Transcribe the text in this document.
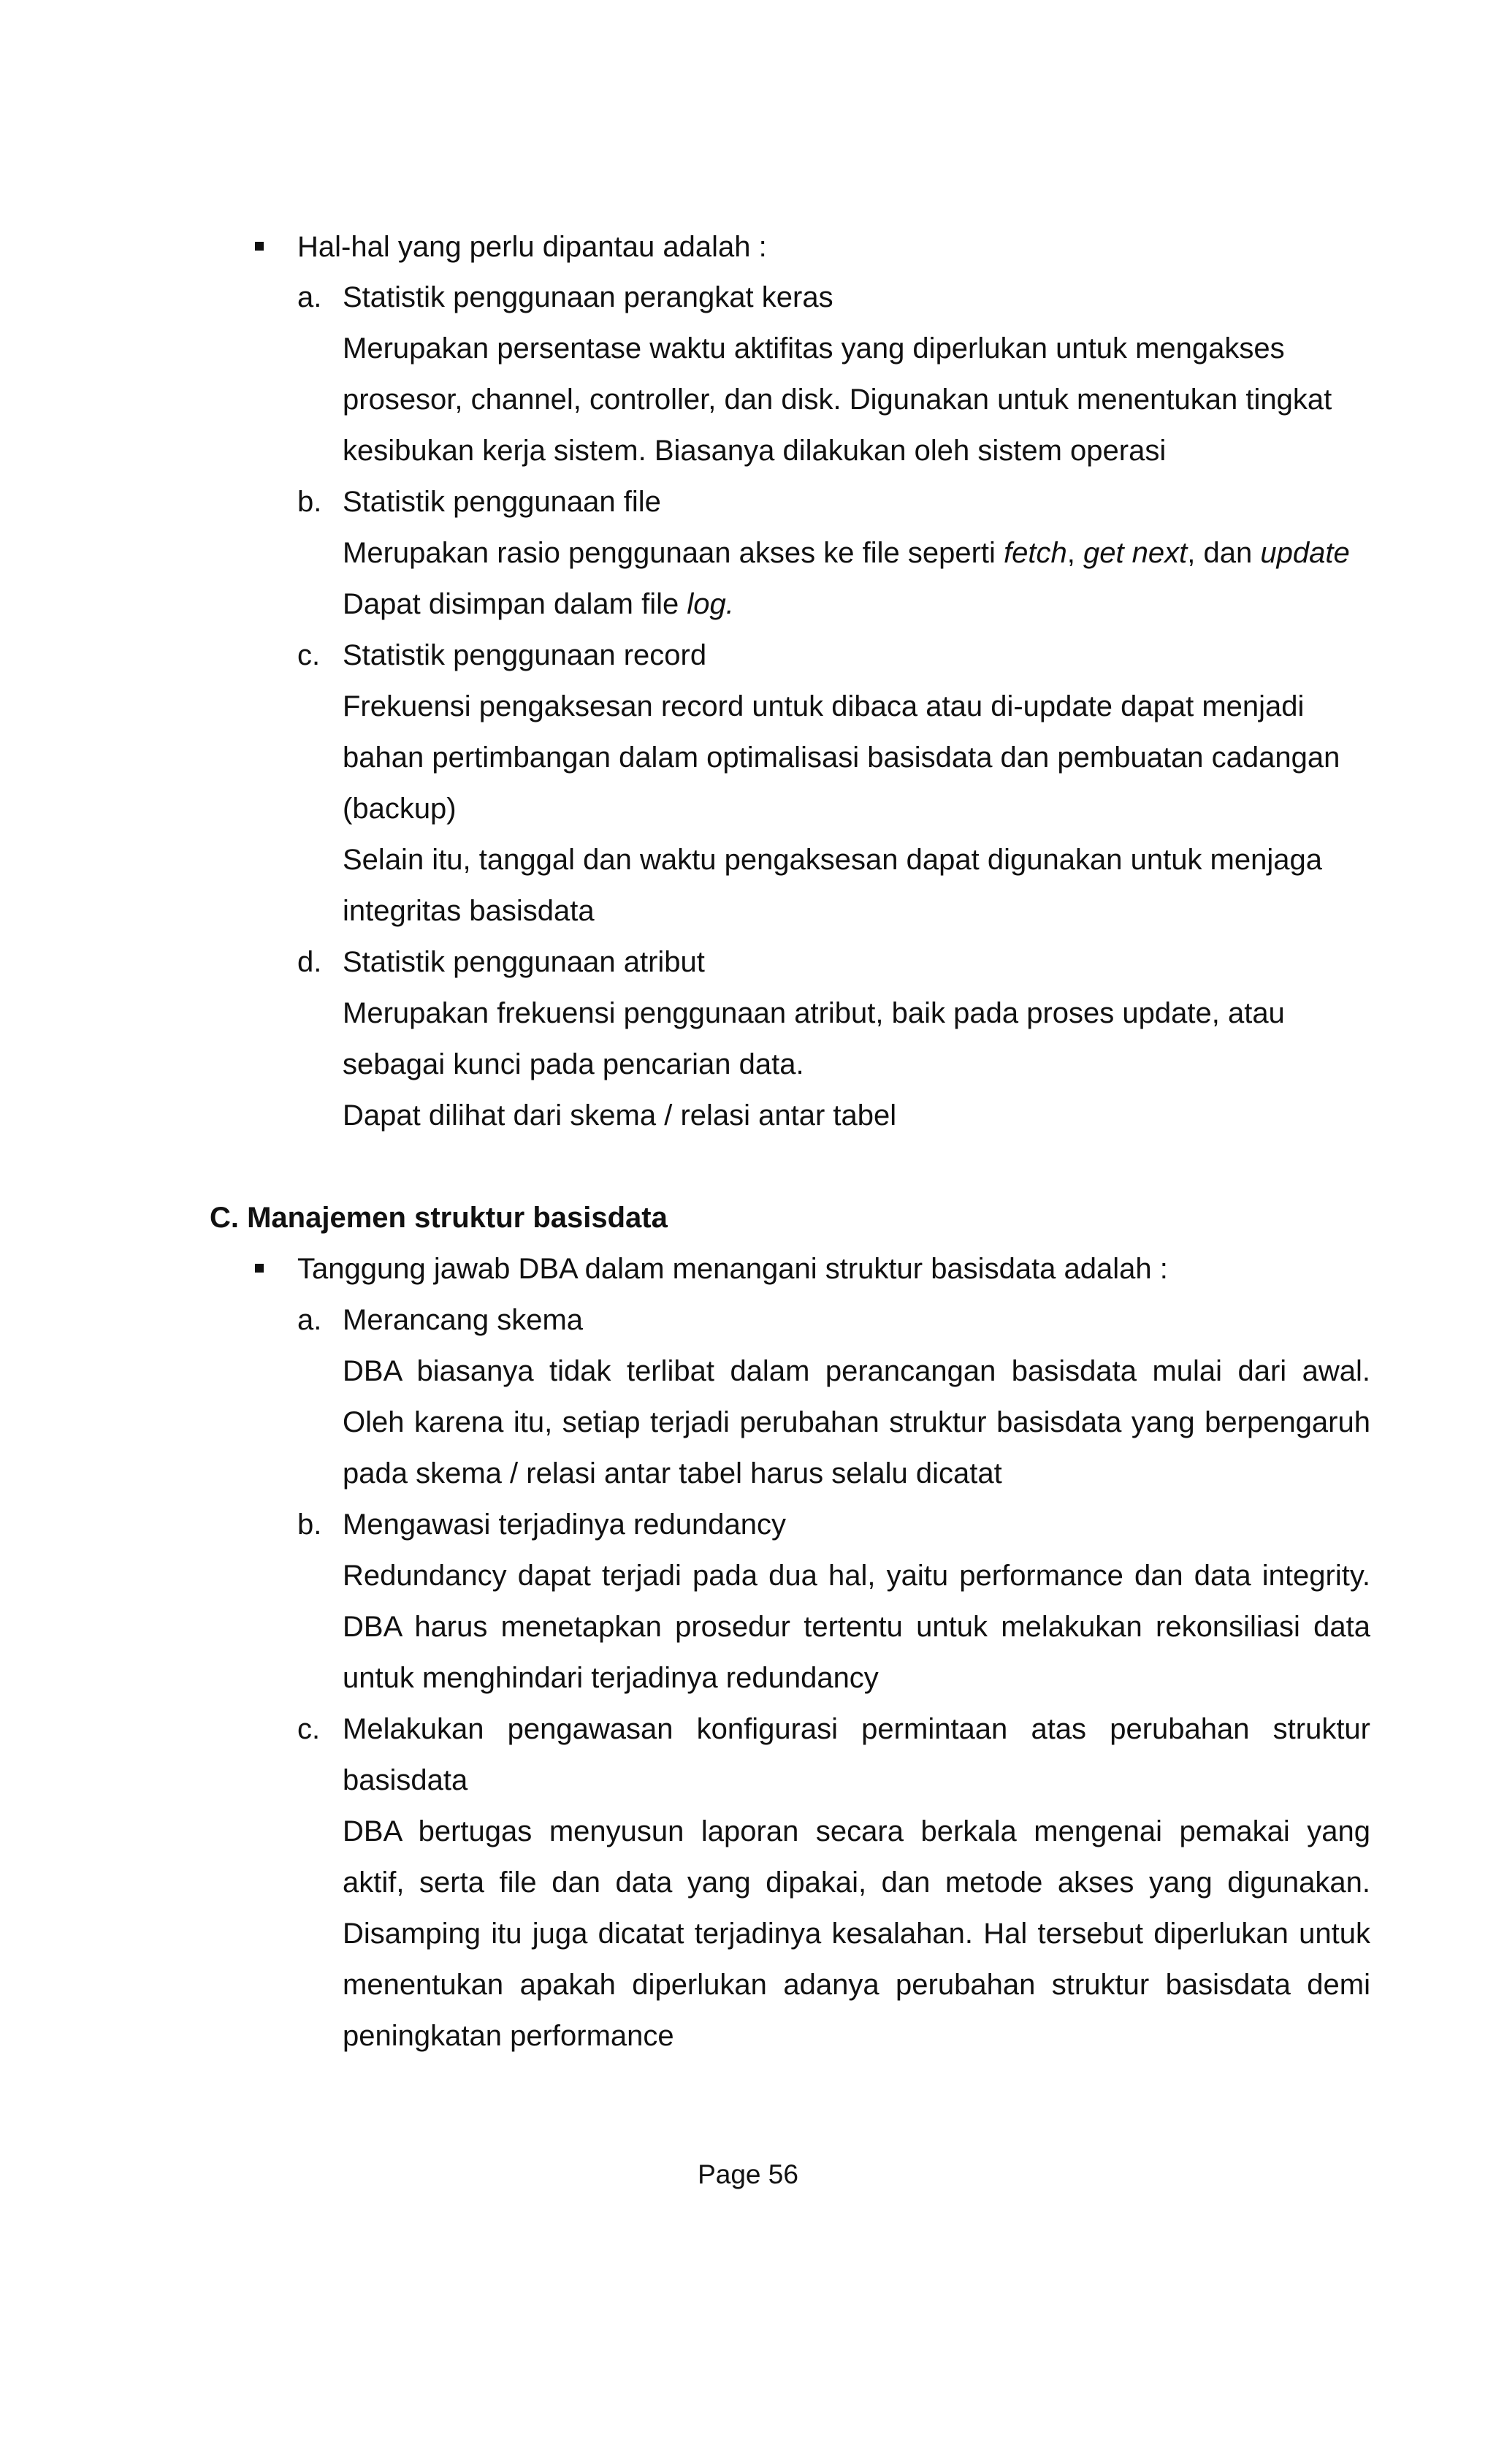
Hal-hal yang perlu dipantau adalah :
a. Statistik penggunaan perangkat keras
Merupakan persentase waktu aktifitas yang diperlukan untuk mengakses
prosesor, channel, controller, dan disk. Digunakan untuk menentukan tingkat
kesibukan kerja sistem. Biasanya dilakukan oleh sistem operasi
b. Statistik penggunaan file
Merupakan rasio penggunaan akses ke file seperti fetch, get next, dan update
Dapat disimpan dalam file log.
c. Statistik penggunaan record
Frekuensi pengaksesan record untuk dibaca atau di-update dapat menjadi
bahan pertimbangan dalam optimalisasi basisdata dan pembuatan cadangan
(backup)
Selain itu, tanggal dan waktu pengaksesan dapat digunakan untuk menjaga
integritas basisdata
d. Statistik penggunaan atribut
Merupakan frekuensi penggunaan atribut, baik pada proses update, atau
sebagai kunci pada pencarian data.
Dapat dilihat dari skema / relasi antar tabel
C. Manajemen struktur basisdata
Tanggung jawab DBA dalam menangani struktur basisdata adalah :
a. Merancang skema
DBA biasanya tidak terlibat dalam perancangan basisdata mulai dari awal.
Oleh karena itu, setiap terjadi perubahan struktur basisdata yang berpengaruh
pada skema / relasi antar tabel harus selalu dicatat
b. Mengawasi terjadinya redundancy
Redundancy dapat terjadi pada dua hal, yaitu performance dan data integrity.
DBA harus menetapkan prosedur tertentu untuk melakukan rekonsiliasi data
untuk menghindari terjadinya redundancy
c. Melakukan pengawasan konfigurasi permintaan atas perubahan struktur
basisdata
DBA bertugas menyusun laporan secara berkala mengenai pemakai yang
aktif, serta file dan data yang dipakai, dan metode akses yang digunakan.
Disamping itu juga dicatat terjadinya kesalahan. Hal tersebut diperlukan untuk
menentukan apakah diperlukan adanya perubahan struktur basisdata demi
peningkatan performance
Page 56
